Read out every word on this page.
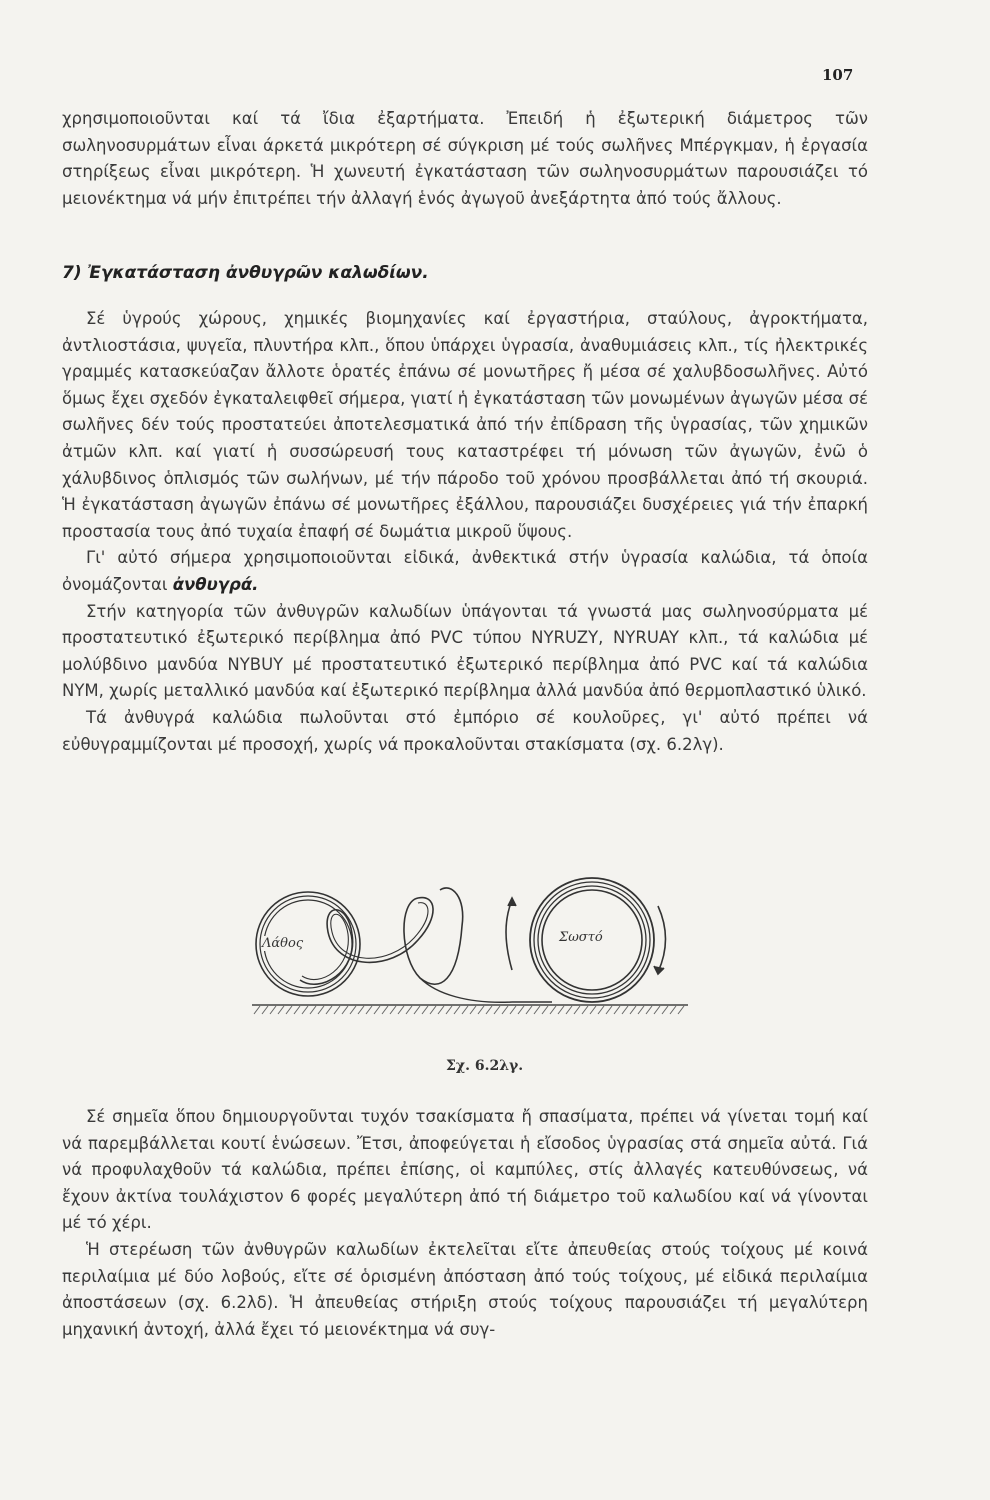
107

χρησιμοποιοῦνται καί τά ἴδια ἐξαρτήματα. Ἐπειδή ἡ ἐξωτερική διάμετρος τῶν σωληνοσυρμάτων εἶναι άρκετά μικρότερη σέ σύγκριση μέ τούς σωλῆνες Μπέργκμαν, ἡ ἐργασία στηρίξεως εἶναι μικρότερη. Ἡ χωνευτή ἐγκατάσταση τῶν σωληνοσυρμάτων παρουσιάζει τό μειονέκτημα νά μήν ἐπιτρέπει τήν ἀλλαγή ἑνός ἀγωγοῦ ἀνεξάρτητα ἀπό τούς ἄλλους.

7) Ἐγκατάσταση ἀνθυγρῶν καλωδίων.

Σέ ὑγρούς χώρους, χημικές βιομηχανίες καί ἐργαστήρια, σταύλους, ἀγροκτήματα, ἀντλιοστάσια, ψυγεῖα, πλυντήρα κλπ., ὅπου ὑπάρχει ὑγρασία, ἀναθυμιάσεις κλπ., τίς ἠλεκτρικές γραμμές κατασκεύαζαν ἄλλοτε ὁρατές ἐπάνω σέ μονωτῆρες ἤ μέσα σέ χαλυβδοσωλῆνες. Αὐτό ὅμως ἔχει σχεδόν ἐγκαταλειφθεῖ σήμερα, γιατί ἡ ἐγκατάσταση τῶν μονωμένων ἀγωγῶν μέσα σέ σωλῆνες δέν τούς προστατεύει ἀποτελεσματικά ἀπό τήν ἐπίδραση τῆς ὑγρασίας, τῶν χημικῶν ἀτμῶν κλπ. καί γιατί ἡ συσσώρευσή τους καταστρέφει τή μόνωση τῶν ἀγωγῶν, ἐνῶ ὁ χάλυβδινος ὁπλισμός τῶν σωλήνων, μέ τήν πάροδο τοῦ χρόνου προσβάλλεται ἀπό τή σκουριά. Ἡ ἐγκατάσταση ἀγωγῶν ἐπάνω σέ μονωτῆρες ἐξάλλου, παρουσιάζει δυσχέρειες γιά τήν ἐπαρκή προστασία τους ἀπό τυχαία ἐπαφή σέ δωμάτια μικροῦ ὕψους.

Γι' αὐτό σήμερα χρησιμοποιοῦνται εἰδικά, ἀνθεκτικά στήν ὑγρασία καλώδια, τά ὁποία ὀνομάζονται ἀνθυγρά.

Στήν κατηγορία τῶν ἀνθυγρῶν καλωδίων ὑπάγονται τά γνωστά μας σωληνοσύρματα μέ προστατευτικό ἐξωτερικό περίβλημα ἀπό PVC τύπου NYRUZY, NYRUAY κλπ., τά καλώδια μέ μολύβδινο μανδύα NYBUY μέ προστατευτικό ἐξωτερικό περίβλημα ἀπό PVC καί τά καλώδια NYM, χωρίς μεταλλικό μανδύα καί ἐξωτερικό περίβλημα ἀλλά μανδύα ἀπό θερμοπλαστικό ὑλικό.

Τά ἀνθυγρά καλώδια πωλοῦνται στό ἐμπόριο σέ κουλοῦρες, γι' αὐτό πρέπει νά εὐθυγραμμίζονται μέ προσοχή, χωρίς νά προκαλοῦνται στακίσματα (σχ. 6.2λγ).

Λάθος	Σωστό
Σχ. 6.2λγ.

Σέ σημεῖα ὅπου δημιουργοῦνται τυχόν τσακίσματα ἤ σπασίματα, πρέπει νά γίνεται τομή καί νά παρεμβάλλεται κουτί ἑνώσεων. Ἔτσι, ἀποφεύγεται ἡ εἴσοδος ὑγρασίας στά σημεῖα αὐτά. Γιά νά προφυλαχθοῦν τά καλώδια, πρέπει ἐπίσης, οἱ καμπύλες, στίς ἀλλαγές κατευθύνσεως, νά ἔχουν ἀκτίνα τουλάχιστον 6 φορές μεγαλύτερη ἀπό τή διάμετρο τοῦ καλωδίου καί νά γίνονται μέ τό χέρι.

Ἡ στερέωση τῶν ἀνθυγρῶν καλωδίων ἐκτελεῖται εἴτε ἀπευθείας στούς τοίχους μέ κοινά περιλαίμια μέ δύο λοβούς, εἴτε σέ ὁρισμένη ἀπόσταση ἀπό τούς τοίχους, μέ εἰδικά περιλαίμια ἀποστάσεων (σχ. 6.2λδ). Ἡ ἀπευθείας στήριξη στούς τοίχους παρουσιάζει τή μεγαλύτερη μηχανική ἀντοχή, ἀλλά ἔχει τό μειονέκτημα νά συγ-
